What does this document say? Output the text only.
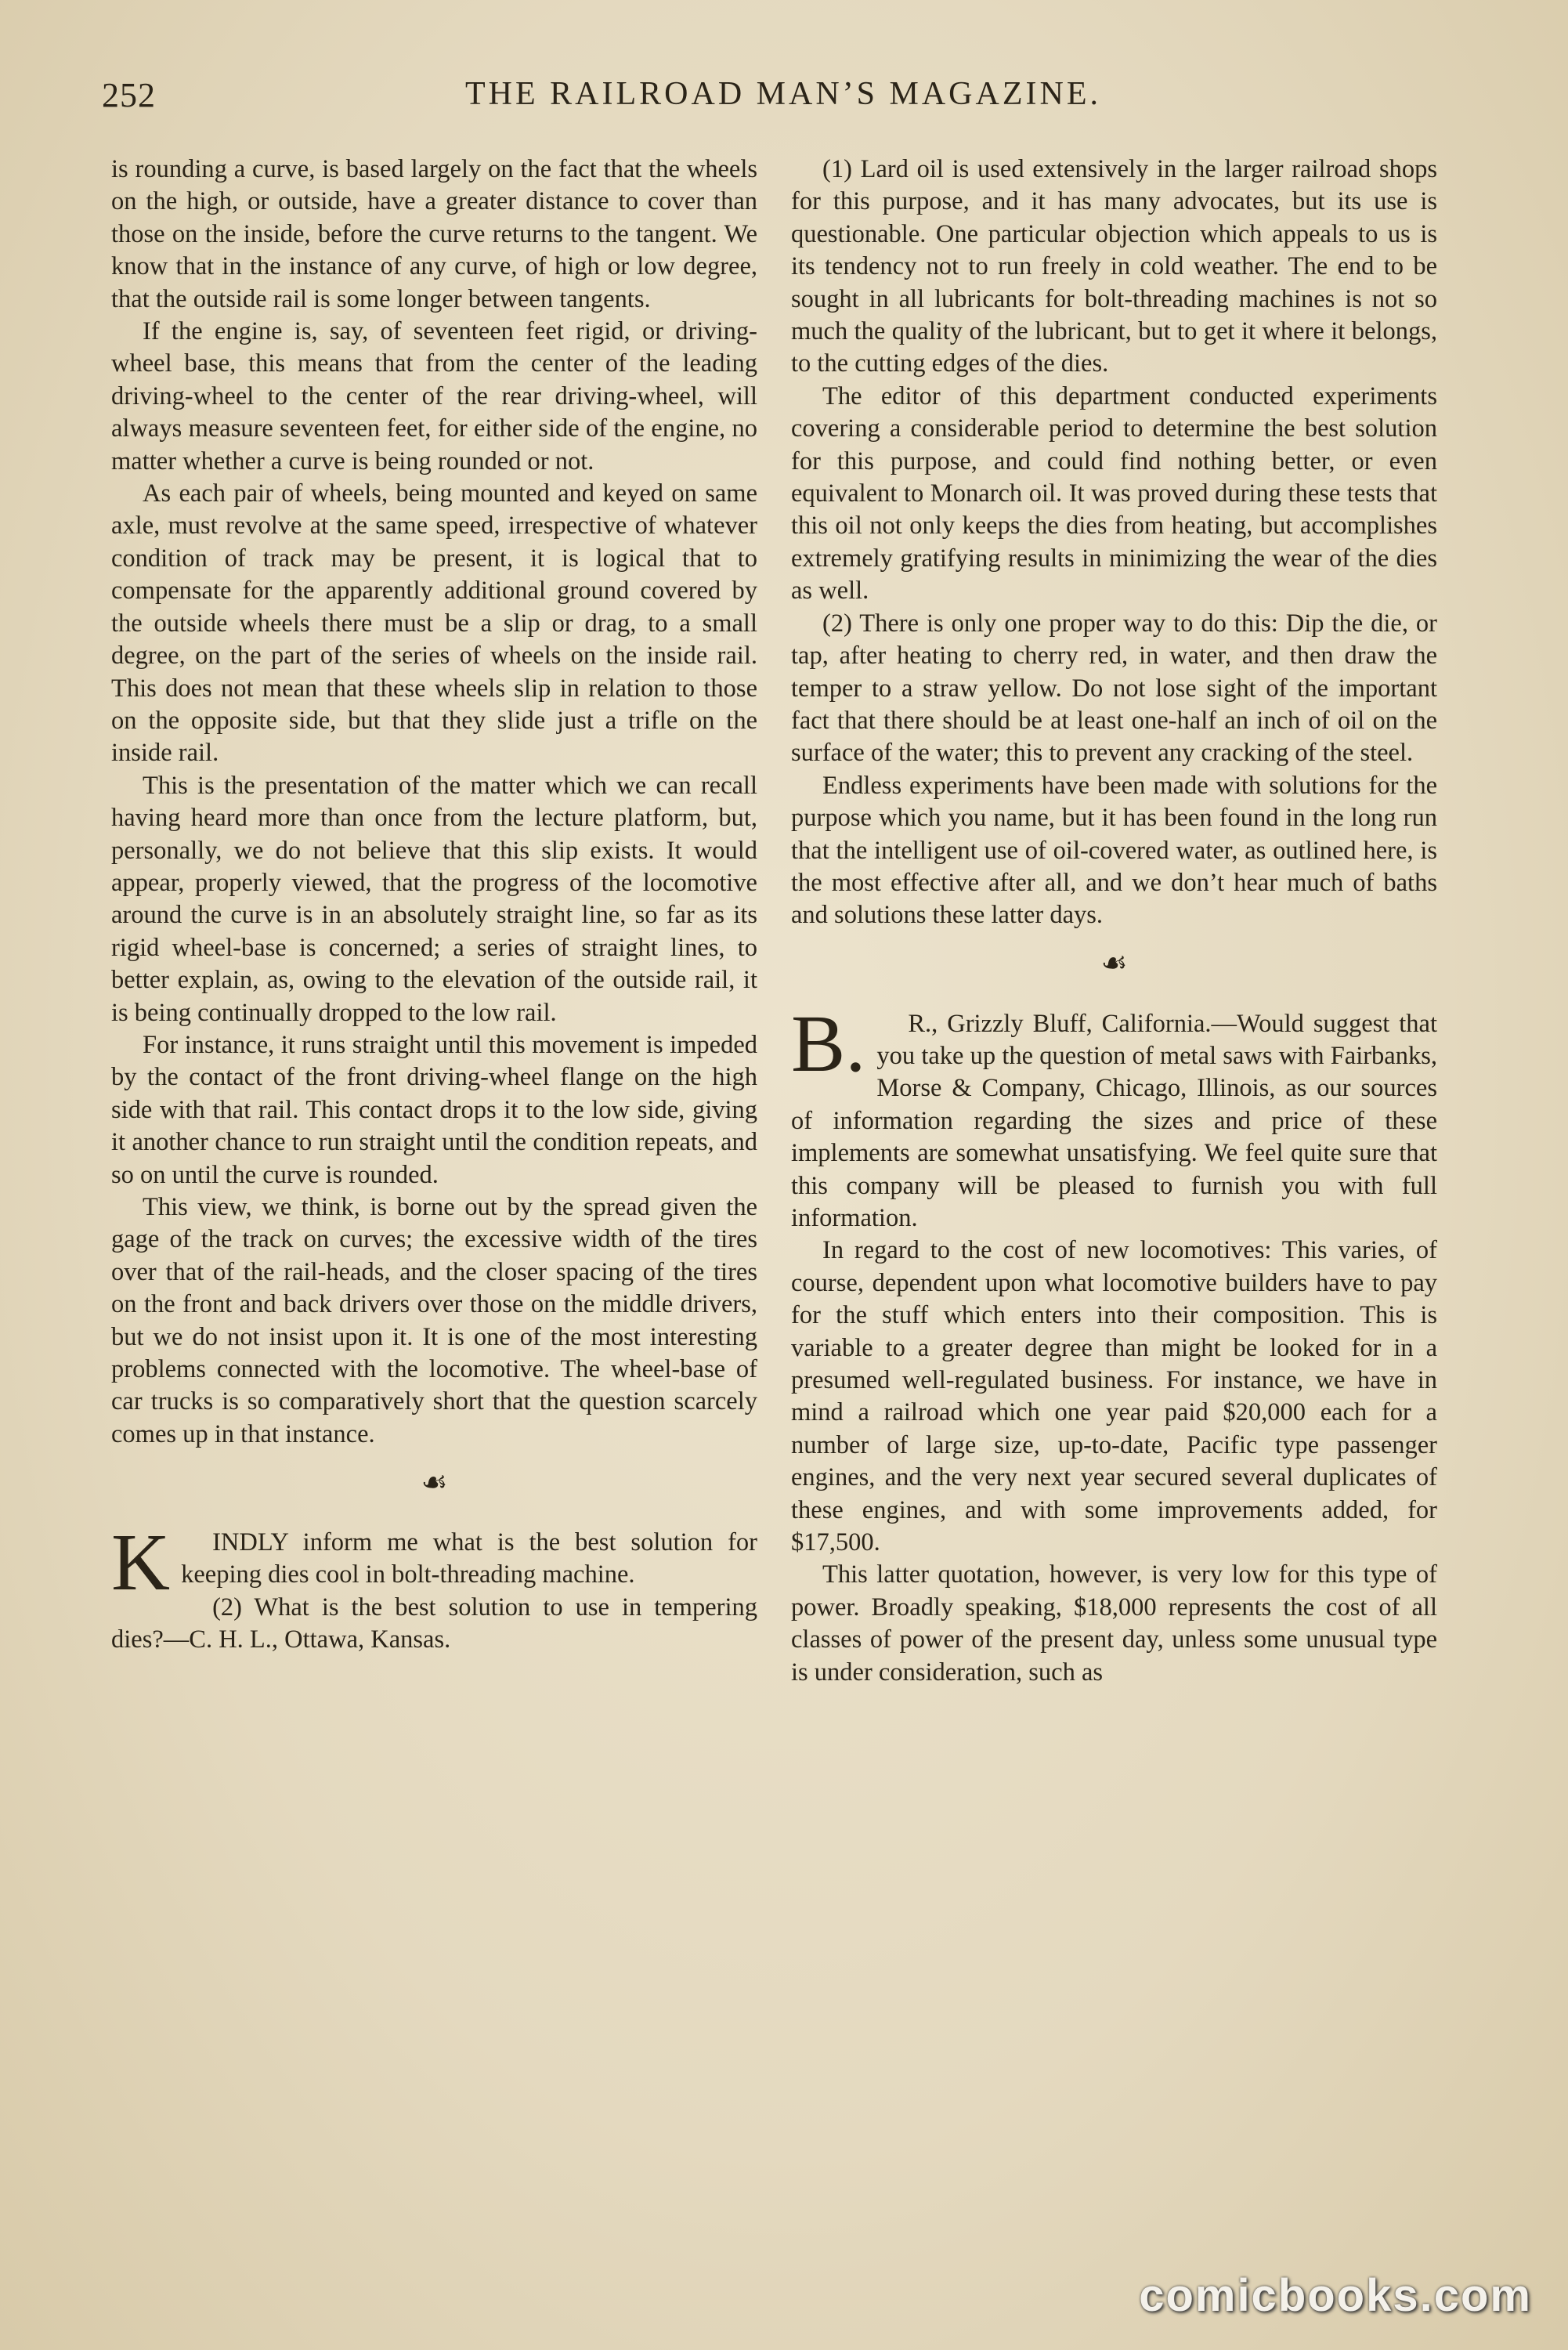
252	THE RAILROAD MAN’S MAGAZINE.

is rounding a curve, is based largely on the fact that the wheels on the high, or outside, have a greater distance to cover than those on the inside, before the curve returns to the tangent. We know that in the instance of any curve, of high or low degree, that the outside rail is some longer between tangents.

If the engine is, say, of seventeen feet rigid, or driving-wheel base, this means that from the center of the leading driving-wheel to the center of the rear driving-wheel, will always measure seventeen feet, for either side of the engine, no matter whether a curve is being rounded or not.

As each pair of wheels, being mounted and keyed on same axle, must revolve at the same speed, irrespective of whatever condition of track may be present, it is logical that to compensate for the apparently additional ground covered by the outside wheels there must be a slip or drag, to a small degree, on the part of the series of wheels on the inside rail. This does not mean that these wheels slip in relation to those on the opposite side, but that they slide just a trifle on the inside rail.

This is the presentation of the matter which we can recall having heard more than once from the lecture platform, but, personally, we do not believe that this slip exists. It would appear, properly viewed, that the progress of the locomotive around the curve is in an absolutely straight line, so far as its rigid wheel-base is concerned; a series of straight lines, to better explain, as, owing to the elevation of the outside rail, it is being continually dropped to the low rail.

For instance, it runs straight until this movement is impeded by the contact of the front driving-wheel flange on the high side with that rail. This contact drops it to the low side, giving it another chance to run straight until the condition repeats, and so on until the curve is rounded.

This view, we think, is borne out by the spread given the gage of the track on curves; the excessive width of the tires over that of the rail-heads, and the closer spacing of the tires on the front and back drivers over those on the middle drivers, but we do not insist upon it. It is one of the most interesting problems connected with the locomotive. The wheel-base of car trucks is so comparatively short that the question scarcely comes up in that instance.

☙
K	INDLY inform me what is the best solution for keeping dies cool in bolt-threading machine.

(2) What is the best solution to use in tempering dies?—C. H. L., Ottawa, Kansas.

(1) Lard oil is used extensively in the larger railroad shops for this purpose, and it has many advocates, but its use is questionable. One particular objection which appeals to us is its tendency not to run freely in cold weather. The end to be sought in all lubricants for bolt-threading machines is not so much the quality of the lubricant, but to get it where it belongs, to the cutting edges of the dies.

The editor of this department conducted experiments covering a considerable period to determine the best solution for this purpose, and could find nothing better, or even equivalent to Monarch oil. It was proved during these tests that this oil not only keeps the dies from heating, but accomplishes extremely gratifying results in minimizing the wear of the dies as well.

(2) There is only one proper way to do this: Dip the die, or tap, after heating to cherry red, in water, and then draw the temper to a straw yellow. Do not lose sight of the important fact that there should be at least one-half an inch of oil on the surface of the water; this to prevent any cracking of the steel.

Endless experiments have been made with solutions for the purpose which you name, but it has been found in the long run that the intelligent use of oil-covered water, as outlined here, is the most effective after all, and we don’t hear much of baths and solutions these latter days.

☙
B.	R., Grizzly Bluff, California.—Would suggest that you take up the question of metal saws with Fairbanks, Morse & Company, Chicago, Illinois, as our sources of information regarding the sizes and price of these implements are somewhat unsatisfying. We feel quite sure that this company will be pleased to furnish you with full information.

In regard to the cost of new locomotives: This varies, of course, dependent upon what locomotive builders have to pay for the stuff which enters into their composition. This is variable to a greater degree than might be looked for in a presumed well-regulated business. For instance, we have in mind a railroad which one year paid $20,000 each for a number of large size, up-to-date, Pacific type passenger engines, and the very next year secured several duplicates of these engines, and with some improvements added, for $17,500.

This latter quotation, however, is very low for this type of power. Broadly speaking, $18,000 represents the cost of all classes of power of the present day, unless some unusual type is under consideration, such as

comicbooks.com
